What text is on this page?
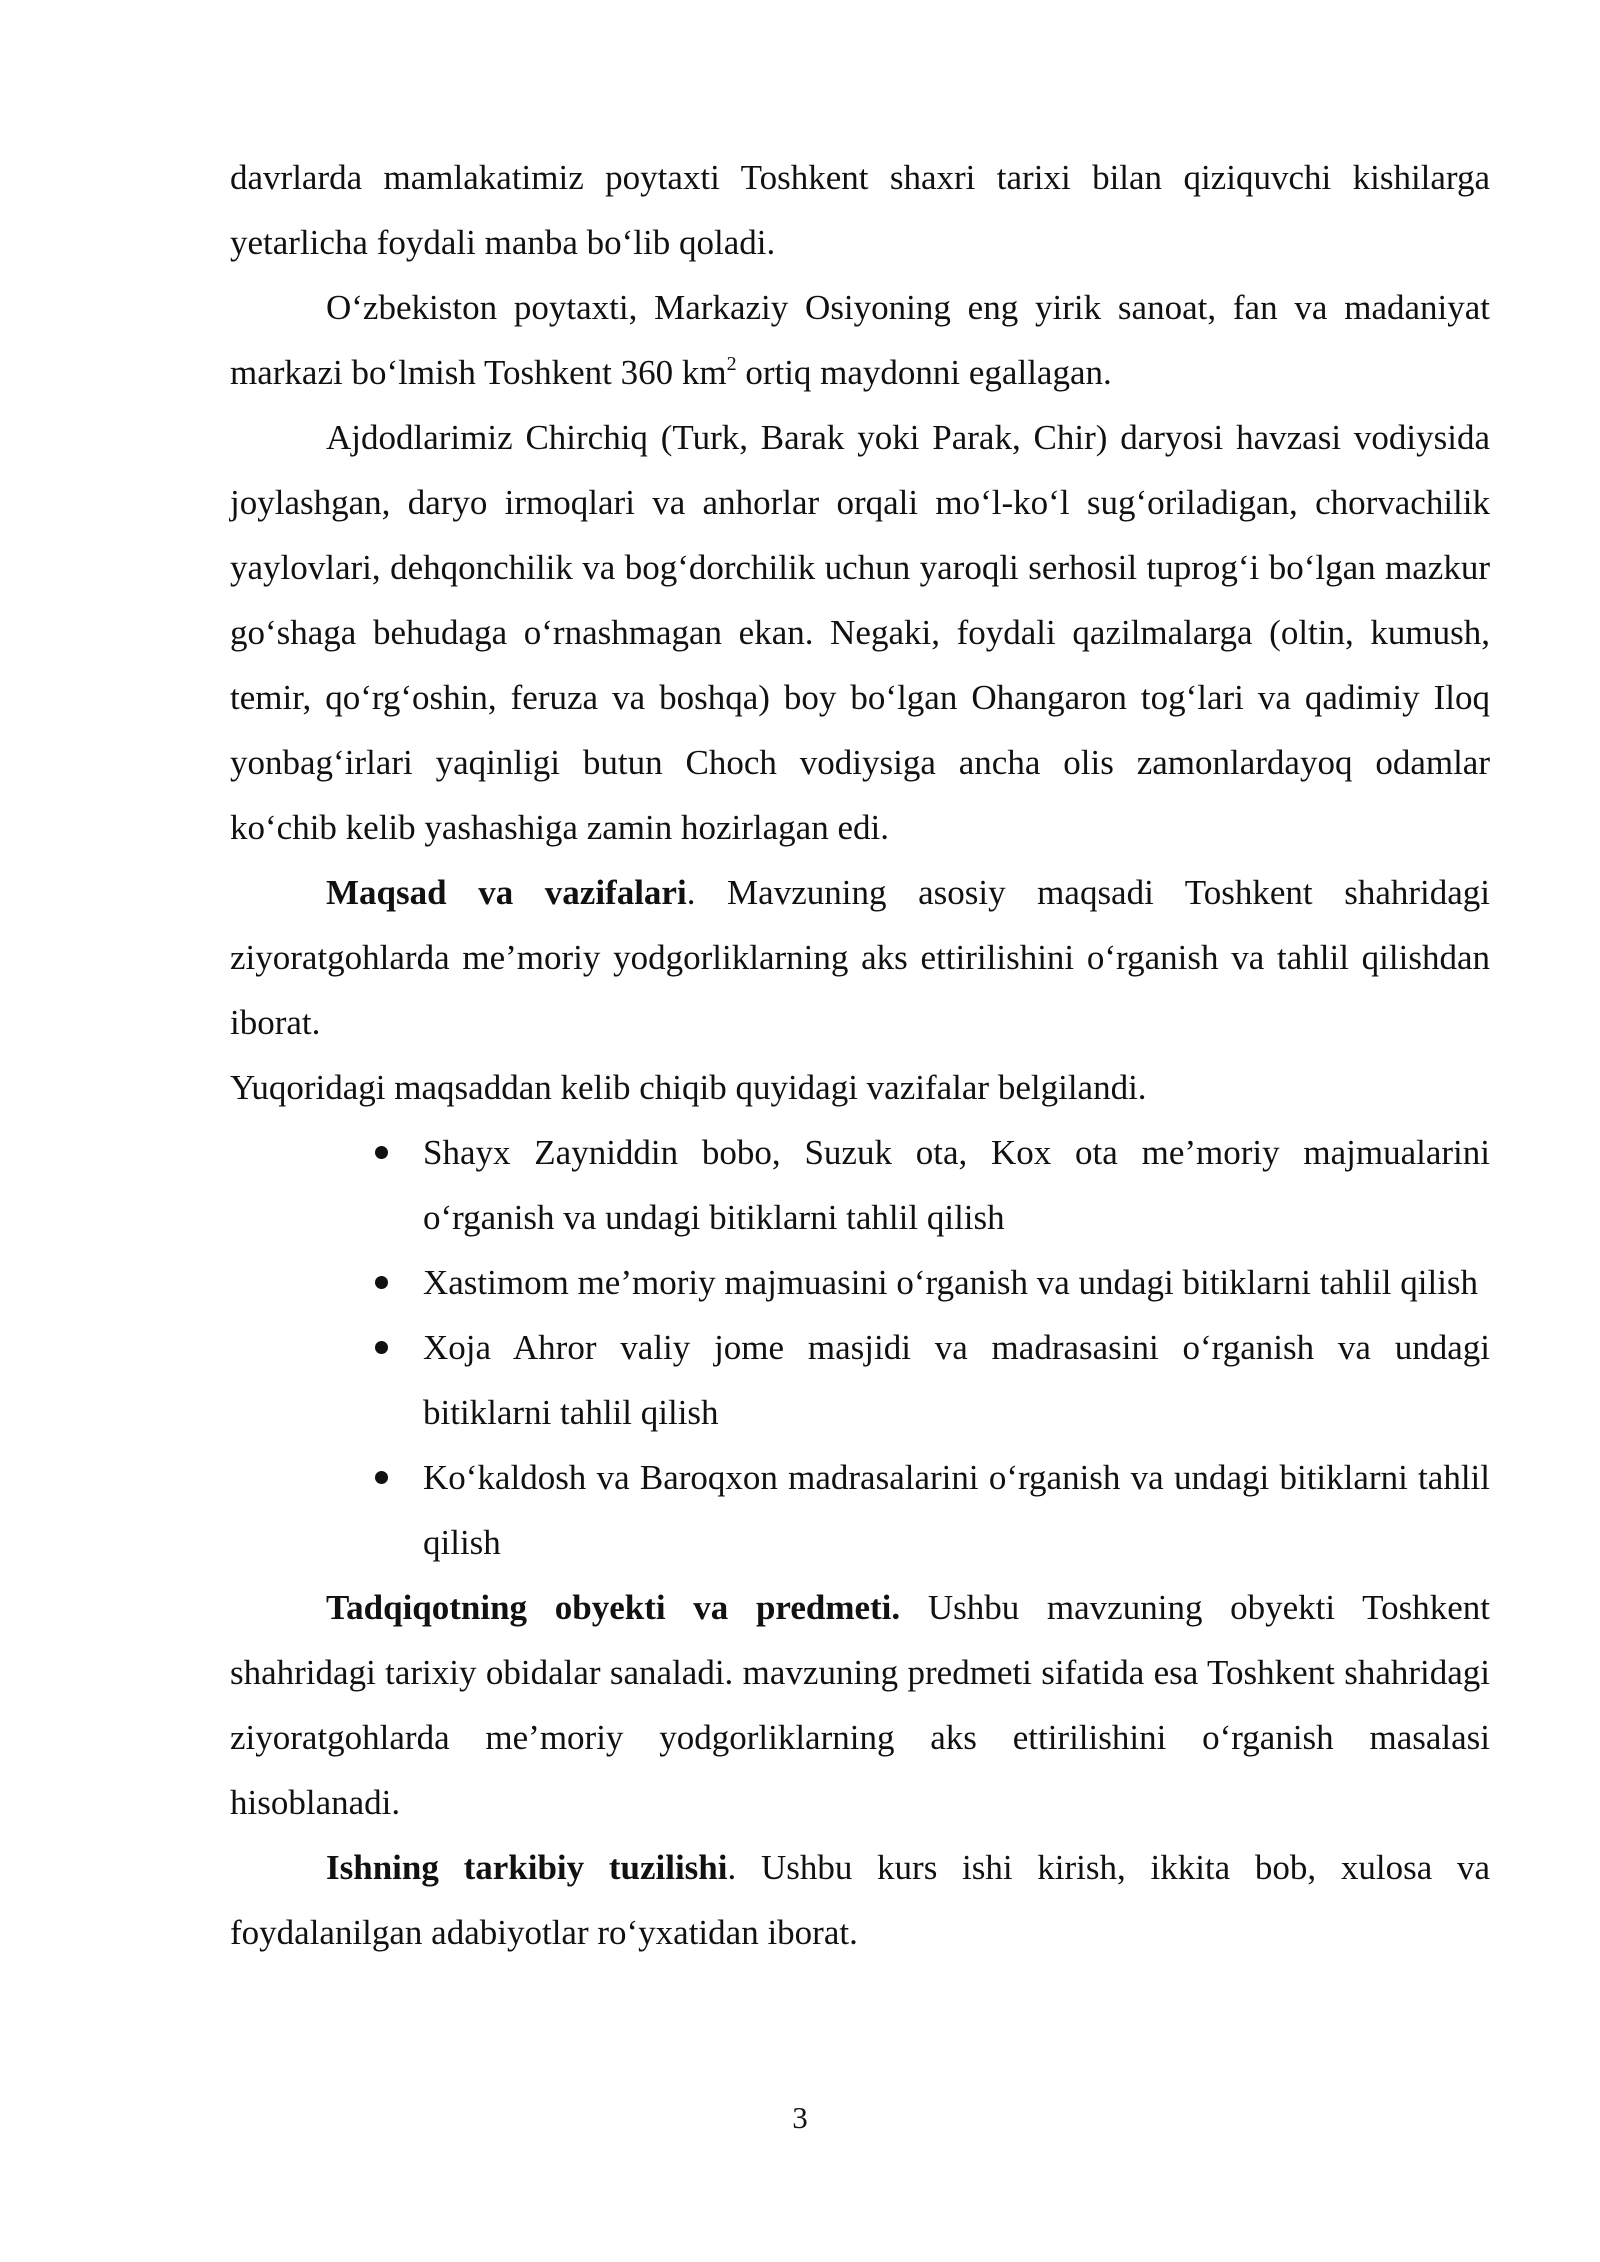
davrlarda mamlakatimiz poytaxti Toshkent shaxri tarixi bilan qiziquvchi kishilarga yetarlicha foydali manba boʻlib qoladi.

Oʻzbekiston poytaxti, Markaziy Osiyoning eng yirik sanoat, fan va madaniyat markazi boʻlmish Toshkent 360 $km^2$ ortiq maydonni egallagan.

Ajdodlarimiz Chirchiq (Turk, Barak yoki Parak, Chir) daryosi havzasi vodiysida joylashgan, daryo irmoqlari va anhorlar orqali moʻl-koʻl sugʻoriladigan, chorvachilik yaylovlari, dehqonchilik va bogʻdorchilik uchun yaroqli serhosil tuprogʻi boʻlgan mazkur goʻshaga behudaga oʻrnashmagan ekan. Negaki, foydali qazilmalarga (oltin, kumush, temir, qoʻrgʻoshin, feruza va boshqa) boy boʻlgan Ohangaron togʻlari va qadimiy Iloq yonbagʻirlari yaqinligi butun Choch vodiysiga ancha olis zamonlardayoq odamlar koʻchib kelib yashashiga zamin hozirlagan edi.

Maqsad va vazifalari. Mavzuning asosiy maqsadi Toshkent shahridagi ziyoratgohlarda me’moriy yodgorliklarning aks ettirilishini oʻrganish va tahlil qilishdan iborat.

Yuqoridagi maqsaddan kelib chiqib quyidagi vazifalar belgilandi.

Shayx Zayniddin bobo, Suzuk ota, Kox ota me’moriy majmualarini oʻrganish va undagi bitiklarni tahlil qilish
Xastimom me’moriy majmuasini oʻrganish va undagi bitiklarni tahlil qilish
Xoja Ahror valiy jome masjidi va madrasasini oʻrganish va undagi bitiklarni tahlil qilish
Koʻkaldosh va Baroqxon madrasalarini oʻrganish va undagi bitiklarni tahlil qilish

Tadqiqotning obyekti va predmeti. Ushbu mavzuning obyekti Toshkent shahridagi tarixiy obidalar sanaladi. mavzuning predmeti sifatida esa Toshkent shahridagi ziyoratgohlarda me’moriy yodgorliklarning aks ettirilishini oʻrganish masalasi hisoblanadi.

Ishning tarkibiy tuzilishi. Ushbu kurs ishi kirish, ikkita bob, xulosa va foydalanilgan adabiyotlar roʻyxatidan iborat.

3
